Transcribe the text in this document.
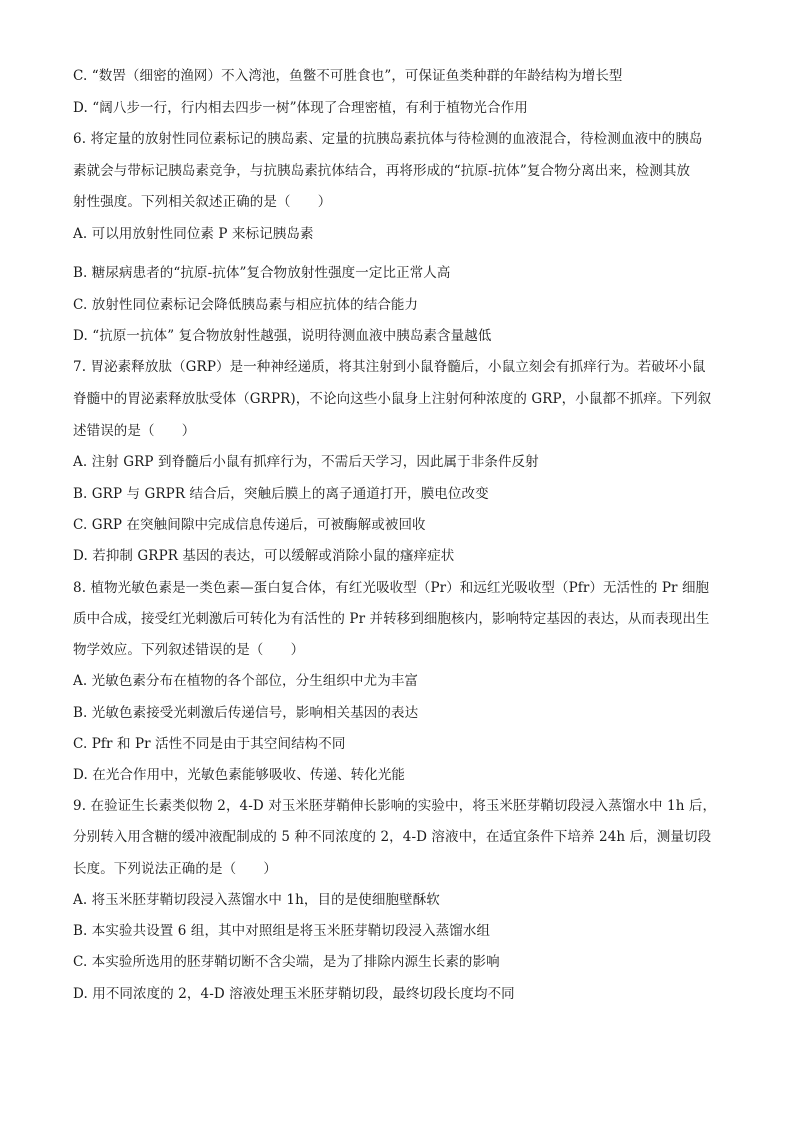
C. “数罟（细密的渔网）不入湾池，鱼鳖不可胜食也”，可保证鱼类种群的年龄结构为增长型
D. “阔八步一行，行内相去四步一树”体现了合理密植，有利于植物光合作用
6. 将定量的放射性同位素标记的胰岛素、定量的抗胰岛素抗体与待检测的血液混合，待检测血液中的胰岛
素就会与带标记胰岛素竞争，与抗胰岛素抗体结合，再将形成的“抗原-抗体”复合物分离出来，检测其放
射性强度。下列相关叙述正确的是（　　）
A. 可以用放射性同位素 P 来标记胰岛素
B. 糖尿病患者的“抗原-抗体”复合物放射性强度一定比正常人高
C. 放射性同位素标记会降低胰岛素与相应抗体的结合能力
D. “抗原一抗体” 复合物放射性越强，说明待测血液中胰岛素含量越低
7. 胃泌素释放肽（GRP）是一种神经递质，将其注射到小鼠脊髓后，小鼠立刻会有抓痒行为。若破坏小鼠
脊髓中的胃泌素释放肽受体（GRPR)，不论向这些小鼠身上注射何种浓度的 GRP，小鼠都不抓痒。下列叙
述错误的是（　　）
A. 注射 GRP 到脊髓后小鼠有抓痒行为，不需后天学习，因此属于非条件反射
B. GRP 与 GRPR 结合后，突触后膜上的离子通道打开，膜电位改变
C. GRP 在突触间隙中完成信息传递后，可被酶解或被回收
D. 若抑制 GRPR 基因的表达，可以缓解或消除小鼠的瘙痒症状
8. 植物光敏色素是一类色素—蛋白复合体，有红光吸收型（Pr）和远红光吸收型（Pfr）无活性的 Pr 细胞
质中合成，接受红光刺激后可转化为有活性的 Pr 并转移到细胞核内，影响特定基因的表达，从而表现出生
物学效应。下列叙述错误的是（　　）
A. 光敏色素分布在植物的各个部位，分生组织中尤为丰富
B. 光敏色素接受光刺激后传递信号，影响相关基因的表达
C. Pfr 和 Pr 活性不同是由于其空间结构不同
D. 在光合作用中，光敏色素能够吸收、传递、转化光能
9. 在验证生长素类似物 2，4-D 对玉米胚芽鞘伸长影响的实验中，将玉米胚芽鞘切段浸入蒸馏水中 1h 后，
分别转入用含糖的缓冲液配制成的 5 种不同浓度的 2，4-D 溶液中，在适宜条件下培养 24h 后，测量切段
长度。下列说法正确的是（　　）
A. 将玉米胚芽鞘切段浸入蒸馏水中 1h，目的是使细胞壁酥软
B. 本实验共设置 6 组，其中对照组是将玉米胚芽鞘切段浸入蒸馏水组
C. 本实验所选用的胚芽鞘切断不含尖端，是为了排除内源生长素的影响
D. 用不同浓度的 2，4-D 溶液处理玉米胚芽鞘切段，最终切段长度均不同
